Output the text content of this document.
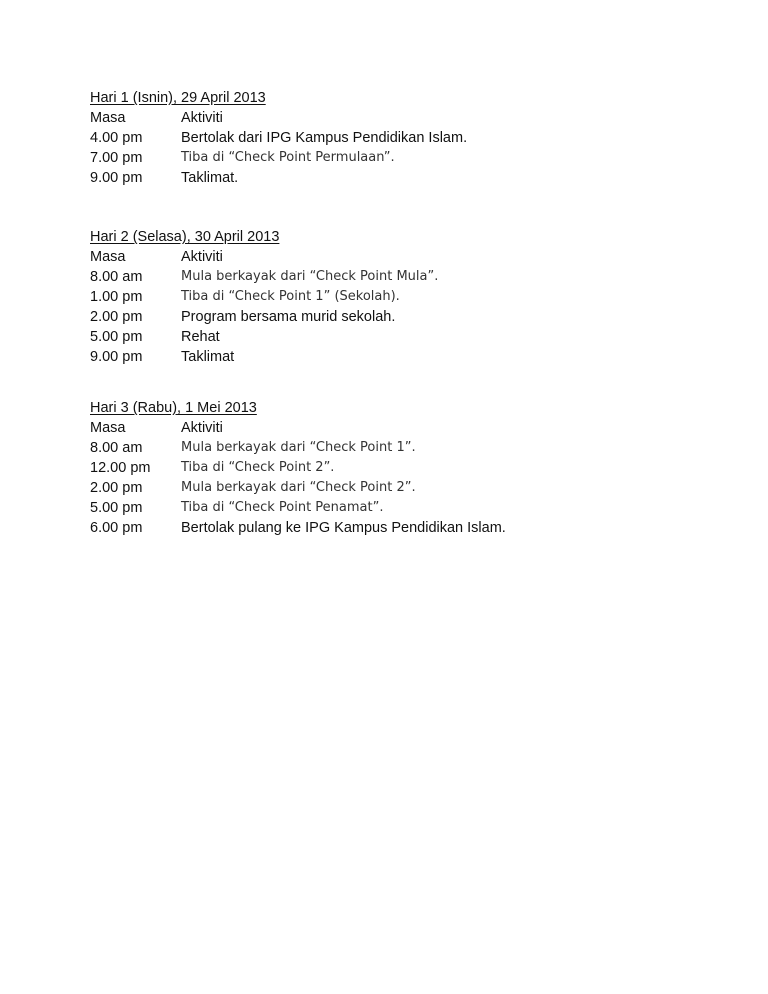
Hari 1 (Isnin), 29 April 2013
Masa	Aktiviti
4.00 pm	Bertolak dari IPG Kampus Pendidikan Islam.
7.00 pm	Tiba di “Check Point Permulaan”.
9.00 pm	Taklimat.
Hari 2 (Selasa), 30 April 2013
Masa	Aktiviti
8.00 am	Mula berkayak dari “Check Point Mula”.
1.00 pm	Tiba di “Check Point 1” (Sekolah).
2.00 pm	Program bersama murid sekolah.
5.00 pm	Rehat
9.00 pm	Taklimat
Hari 3 (Rabu), 1 Mei 2013
Masa	Aktiviti
8.00 am	Mula berkayak dari “Check Point 1”.
12.00 pm	Tiba di “Check Point 2”.
2.00 pm	Mula berkayak dari “Check Point 2”.
5.00 pm	Tiba di “Check Point Penamat”.
6.00 pm	Bertolak pulang ke IPG Kampus Pendidikan Islam.
